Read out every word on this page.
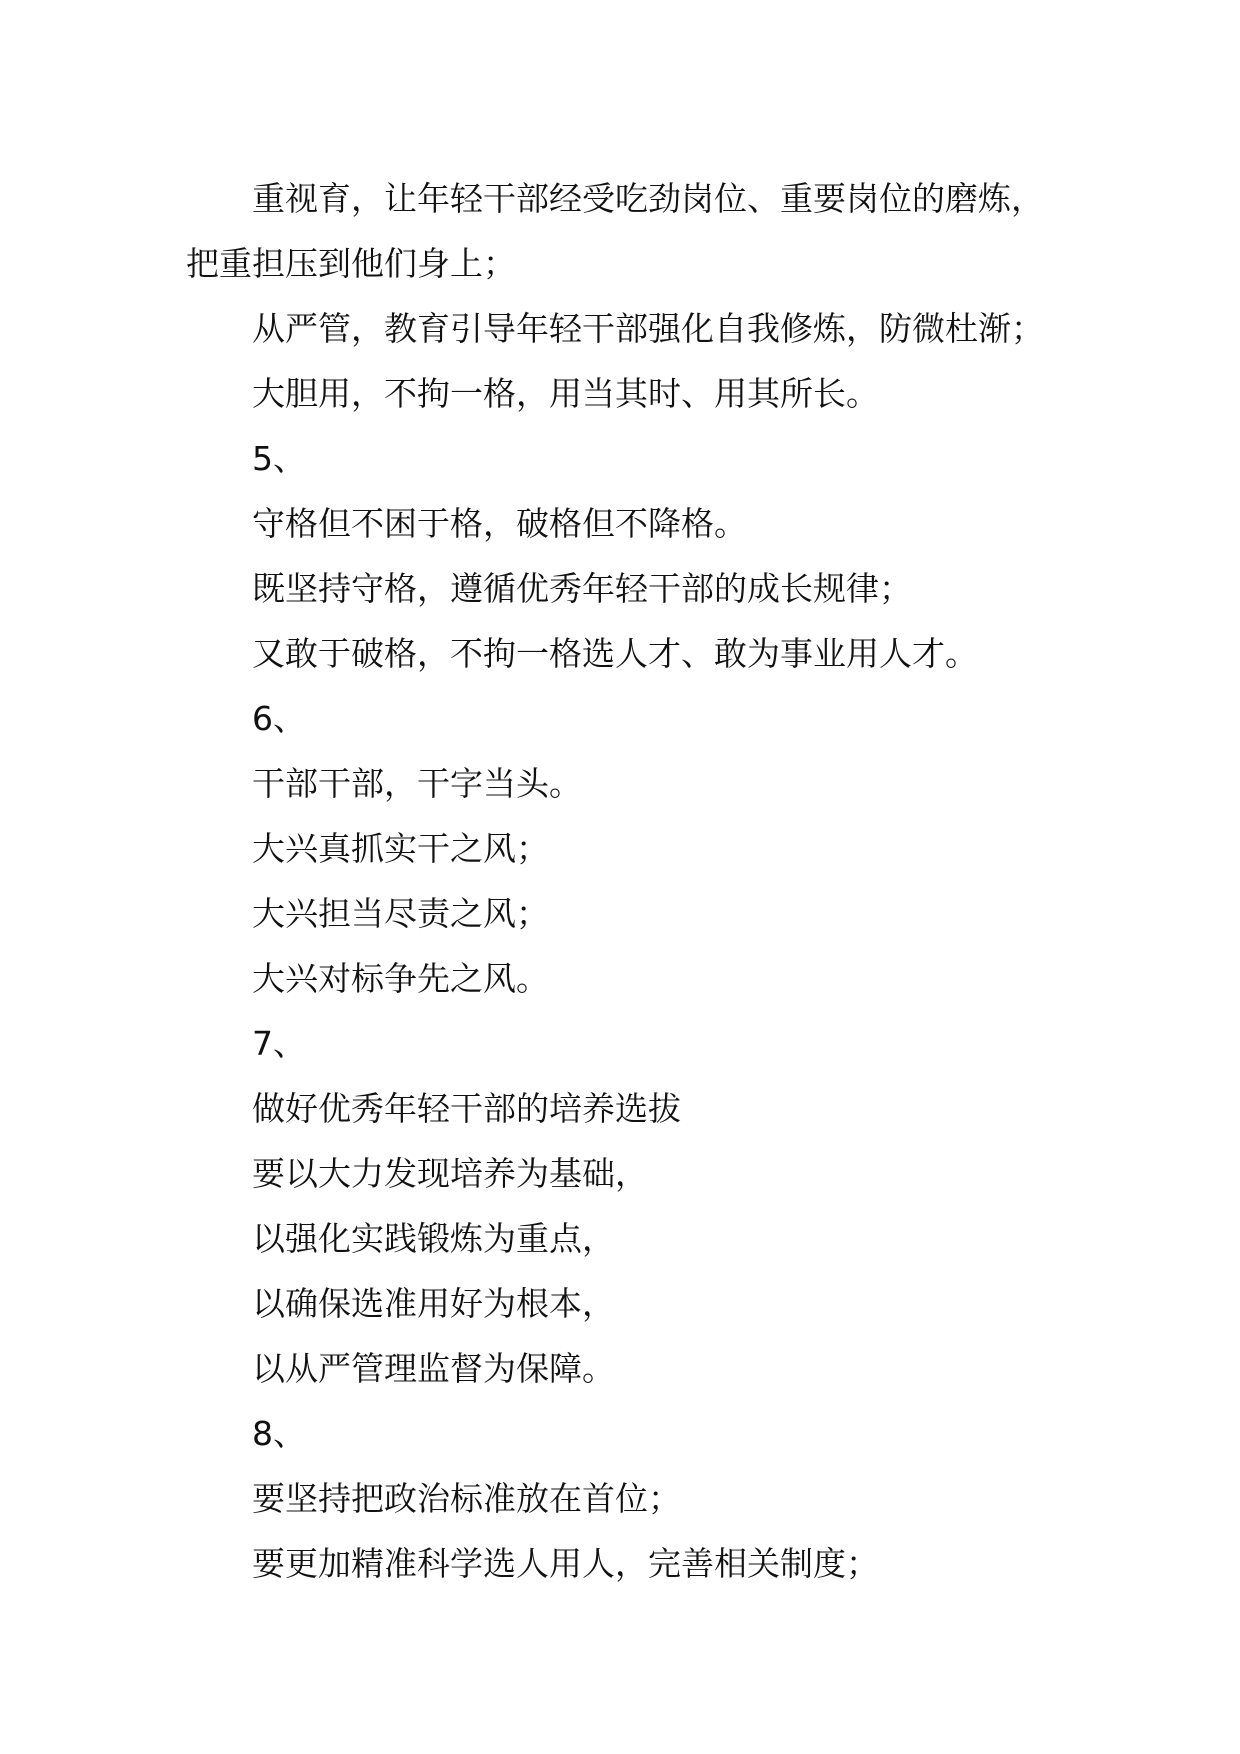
重视育，让年轻干部经受吃劲岗位、重要岗位的磨炼，
把重担压到他们身上；
从严管，教育引导年轻干部强化自我修炼，防微杜渐；
大胆用，不拘一格，用当其时、用其所长。
5、
守格但不困于格，破格但不降格。
既坚持守格，遵循优秀年轻干部的成长规律；
又敢于破格，不拘一格选人才、敢为事业用人才。
6、
干部干部，干字当头。
大兴真抓实干之风；
大兴担当尽责之风；
大兴对标争先之风。
7、
做好优秀年轻干部的培养选拔
要以大力发现培养为基础，
以强化实践锻炼为重点，
以确保选准用好为根本，
以从严管理监督为保障。
8、
要坚持把政治标准放在首位；
要更加精准科学选人用人，完善相关制度；
